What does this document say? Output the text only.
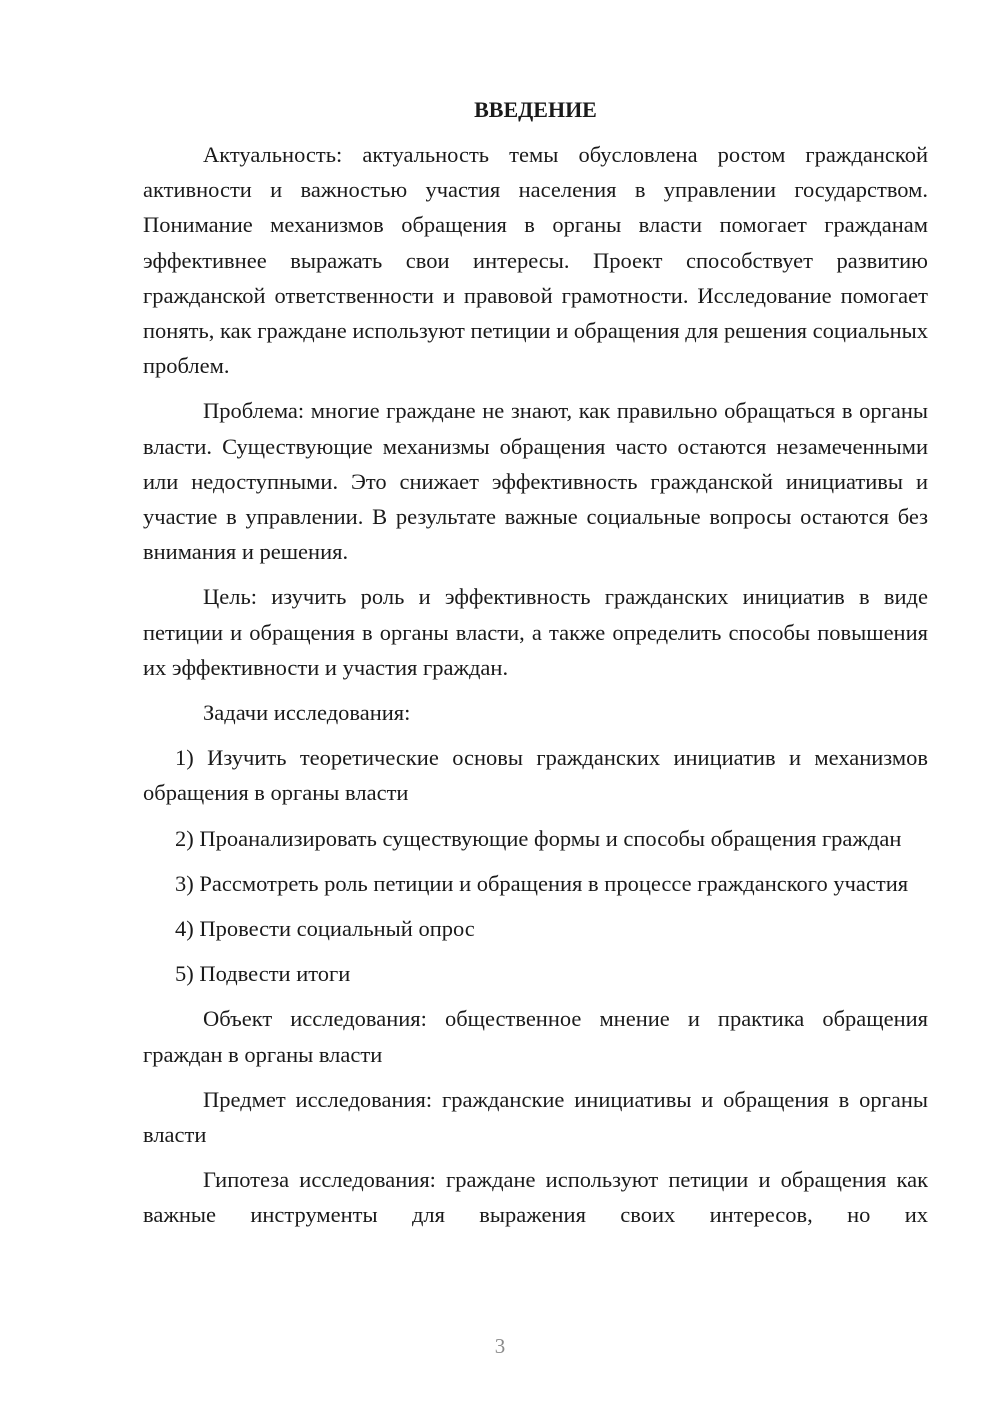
ВВЕДЕНИЕ

Актуальность: актуальность темы обусловлена ростом гражданской активности и важностью участия населения в управлении государством. Понимание механизмов обращения в органы власти помогает гражданам эффективнее выражать свои интересы. Проект способствует развитию гражданской ответственности и правовой грамотности. Исследование помогает понять, как граждане используют петиции и обращения для решения социальных проблем.

Проблема: многие граждане не знают, как правильно обращаться в органы власти. Существующие механизмы обращения часто остаются незамеченными или недоступными. Это снижает эффективность гражданской инициативы и участие в управлении. В результате важные социальные вопросы остаются без внимания и решения.

Цель: изучить роль и эффективность гражданских инициатив в виде петиции и обращения в органы власти, а также определить способы повышения их эффективности и участия граждан.

Задачи исследования:

1) Изучить теоретические основы гражданских инициатив и механизмов обращения в органы власти

2) Проанализировать существующие формы и способы обращения граждан

3) Рассмотреть роль петиции и обращения в процессе гражданского участия

4) Провести социальный опрос

5) Подвести итоги

Объект исследования: общественное мнение и практика обращения граждан в органы власти

Предмет исследования: гражданские инициативы и обращения в органы власти

Гипотеза исследования: граждане используют петиции и обращения как важные инструменты для выражения своих интересов, но их

3
